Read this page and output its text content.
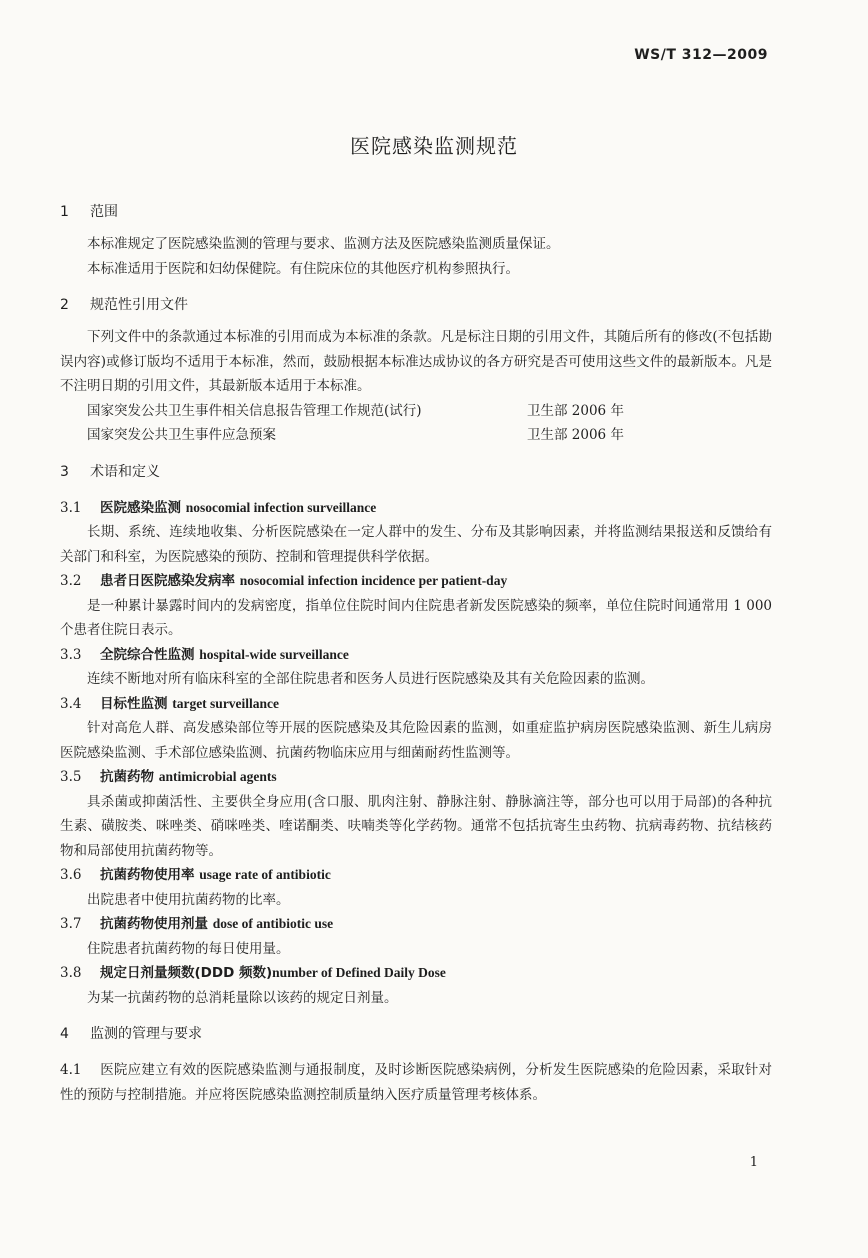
WS/T 312—2009
医院感染监测规范

1 范围

本标准规定了医院感染监测的管理与要求、监测方法及医院感染监测质量保证。

本标准适用于医院和妇幼保健院。有住院床位的其他医疗机构参照执行。

2 规范性引用文件

下列文件中的条款通过本标准的引用而成为本标准的条款。凡是标注日期的引用文件，其随后所有的修改(不包括勘误内容)或修订版均不适用于本标准，然而，鼓励根据本标准达成协议的各方研究是否可使用这些文件的最新版本。凡是不注明日期的引用文件，其最新版本适用于本标准。

国家突发公共卫生事件相关信息报告管理工作规范(试行)	卫生部 2006 年
国家突发公共卫生事件应急预案	卫生部 2006 年

3 术语和定义

3.1 医院感染监测 nosocomial infection surveillance

长期、系统、连续地收集、分析医院感染在一定人群中的发生、分布及其影响因素，并将监测结果报送和反馈给有关部门和科室，为医院感染的预防、控制和管理提供科学依据。

3.2 患者日医院感染发病率 nosocomial infection incidence per patient-day

是一种累计暴露时间内的发病密度，指单位住院时间内住院患者新发医院感染的频率，单位住院时间通常用 1 000 个患者住院日表示。

3.3 全院综合性监测 hospital-wide surveillance

连续不断地对所有临床科室的全部住院患者和医务人员进行医院感染及其有关危险因素的监测。

3.4 目标性监测 target surveillance

针对高危人群、高发感染部位等开展的医院感染及其危险因素的监测，如重症监护病房医院感染监测、新生儿病房医院感染监测、手术部位感染监测、抗菌药物临床应用与细菌耐药性监测等。

3.5 抗菌药物 antimicrobial agents

具杀菌或抑菌活性、主要供全身应用(含口服、肌肉注射、静脉注射、静脉滴注等，部分也可以用于局部)的各种抗生素、磺胺类、咪唑类、硝咪唑类、喹诺酮类、呋喃类等化学药物。通常不包括抗寄生虫药物、抗病毒药物、抗结核药物和局部使用抗菌药物等。

3.6 抗菌药物使用率 usage rate of antibiotic

出院患者中使用抗菌药物的比率。

3.7 抗菌药物使用剂量 dose of antibiotic use

住院患者抗菌药物的每日使用量。

3.8 规定日剂量频数(DDD 频数)number of Defined Daily Dose

为某一抗菌药物的总消耗量除以该药的规定日剂量。

4 监测的管理与要求

4.1 医院应建立有效的医院感染监测与通报制度，及时诊断医院感染病例，分析发生医院感染的危险因素，采取针对性的预防与控制措施。并应将医院感染监测控制质量纳入医疗质量管理考核体系。

1
